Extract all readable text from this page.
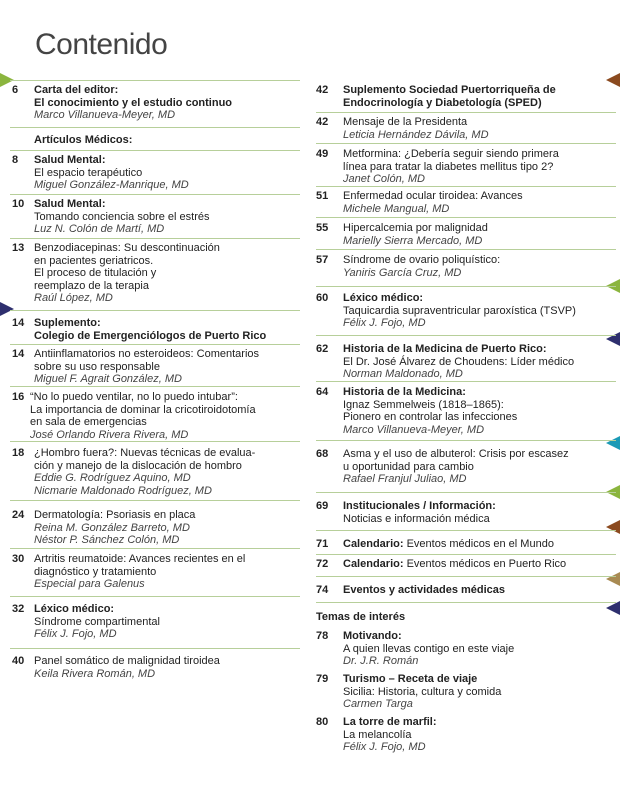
Contenido
6 Carta del editor:
El conocimiento y el estudio continuo
Marco Villanueva-Meyer, MD
Artículos Médicos:
8 Salud Mental:
El espacio terapéutico
Miguel González-Manrique, MD
10 Salud Mental:
Tomando conciencia sobre el estrés
Luz N. Colón de Martí, MD
13 Benzodiacepinas: Su descontinuación
en pacientes geriatricos.
El proceso de titulación y
reemplazo de la terapia
Raúl López, MD
14 Suplemento:
Colegio de Emergenciólogos de Puerto Rico
14 Antiinflamatorios no esteroideos: Comentarios
sobre su uso responsable
Miguel F. Agrait González, MD
16 “No lo puedo ventilar, no lo puedo intubar”:
La importancia de dominar la cricotiroidotomía
en sala de emergencias
José Orlando Rivera Rivera, MD
18 ¿Hombro fuera?: Nuevas técnicas de evalua-
ción y manejo de la dislocación de hombro
Eddie G. Rodríguez Aquino, MD
Nicmarie Maldonado Rodríguez, MD
24 Dermatología: Psoriasis en placa
Reina M. González Barreto, MD
Néstor P. Sánchez Colón, MD
30 Artritis reumatoide: Avances recientes en el
diagnóstico y tratamiento
Especial para Galenus
32 Léxico médico:
Síndrome compartimental
Félix J. Fojo, MD
40 Panel somático de malignidad tiroidea
Keila Rivera Román, MD
42 Suplemento Sociedad Puertorriqueña de
Endocrinología y Diabetología (SPED)
42 Mensaje de la Presidenta
Leticia Hernández Dávila, MD
49 Metformina: ¿Debería seguir siendo primera
línea para tratar la diabetes mellitus tipo 2?
Janet Colón, MD
51 Enfermedad ocular tiroidea: Avances
Michele Mangual, MD
55 Hipercalcemia por malignidad
Marielly Sierra Mercado, MD
57 Síndrome de ovario poliquístico:
Yaniris García Cruz, MD
60 Léxico médico:
Taquicardia supraventricular paroxística (TSVP)
Félix J. Fojo, MD
62 Historia de la Medicina de Puerto Rico:
El Dr. José Álvarez de Choudens: Líder médico
Norman Maldonado, MD
64 Historia de la Medicina:
Ignaz Semmelweis (1818–1865):
Pionero en controlar las infecciones
Marco Villanueva-Meyer, MD
68 Asma y el uso de albuterol: Crisis por escasez
u oportunidad para cambio
Rafael Franjul Juliao, MD
69 Institucionales / Información:
Noticias e información médica
71 Calendario: Eventos médicos en el Mundo
72 Calendario: Eventos médicos en Puerto Rico
74 Eventos y actividades médicas
Temas de interés
78 Motivando:
A quien llevas contigo en este viaje
Dr. J.R. Román
79 Turismo – Receta de viaje
Sicilia: Historia, cultura y comida
Carmen Targa
80 La torre de marfil:
La melancolía
Félix J. Fojo, MD
